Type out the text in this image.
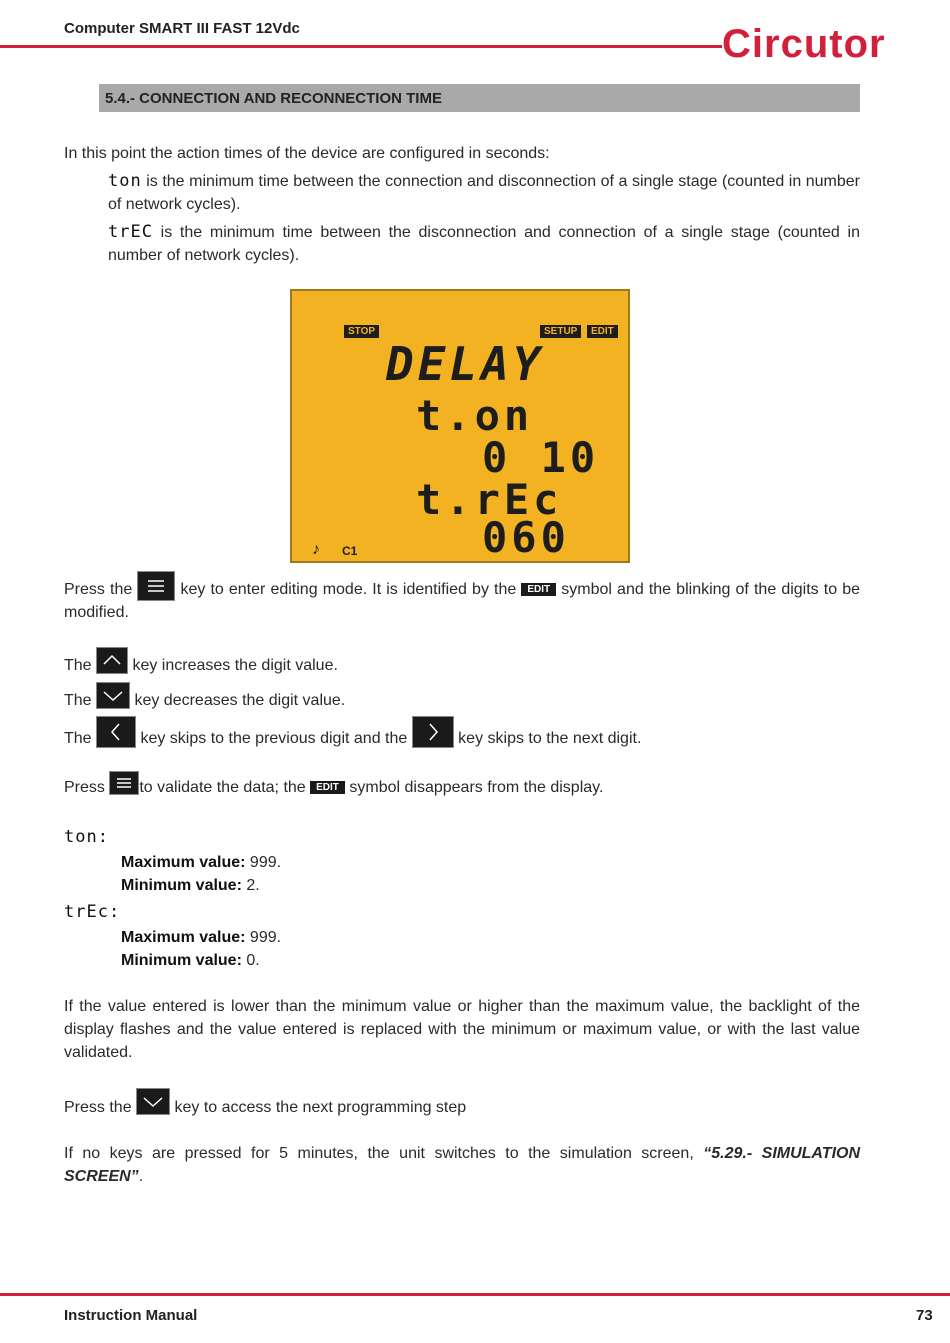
Computer SMART III FAST 12Vdc	Circutor
5.4.- CONNECTION AND RECONNECTION TIME
In this point the action times of the device are configured in seconds:
ton is the minimum time between the connection and disconnection of a single stage (counted in number of network cycles).
trEC is the minimum time between the disconnection and connection of a single stage (counted in number of network cycles).
STOP	SETUP	EDIT
DELAY
t.on
0 10
t.rEc
060
♪ C1
Press the  key to enter editing mode. It is identified by the EDIT symbol and the blinking of the digits to be modified.
The  key increases the digit value.
The  key decreases the digit value.
The	key skips to the previous digit and the	key skips to the next digit.
Press to validate the data; the EDIT symbol disappears from the display.
ton:
Maximum value: 999.
Minimum value: 2.
trEc:
Maximum value: 999.
Minimum value: 0.
If the value entered is lower than the minimum value or higher than the maximum value, the backlight of the display flashes and the value entered is replaced with the minimum or maximum value, or with the last value validated.
Press the  key to access the next programming step
If no keys are pressed for 5 minutes, the unit switches to the simulation screen, “5.29.- SIMULATION SCREEN”.
Instruction Manual	73
